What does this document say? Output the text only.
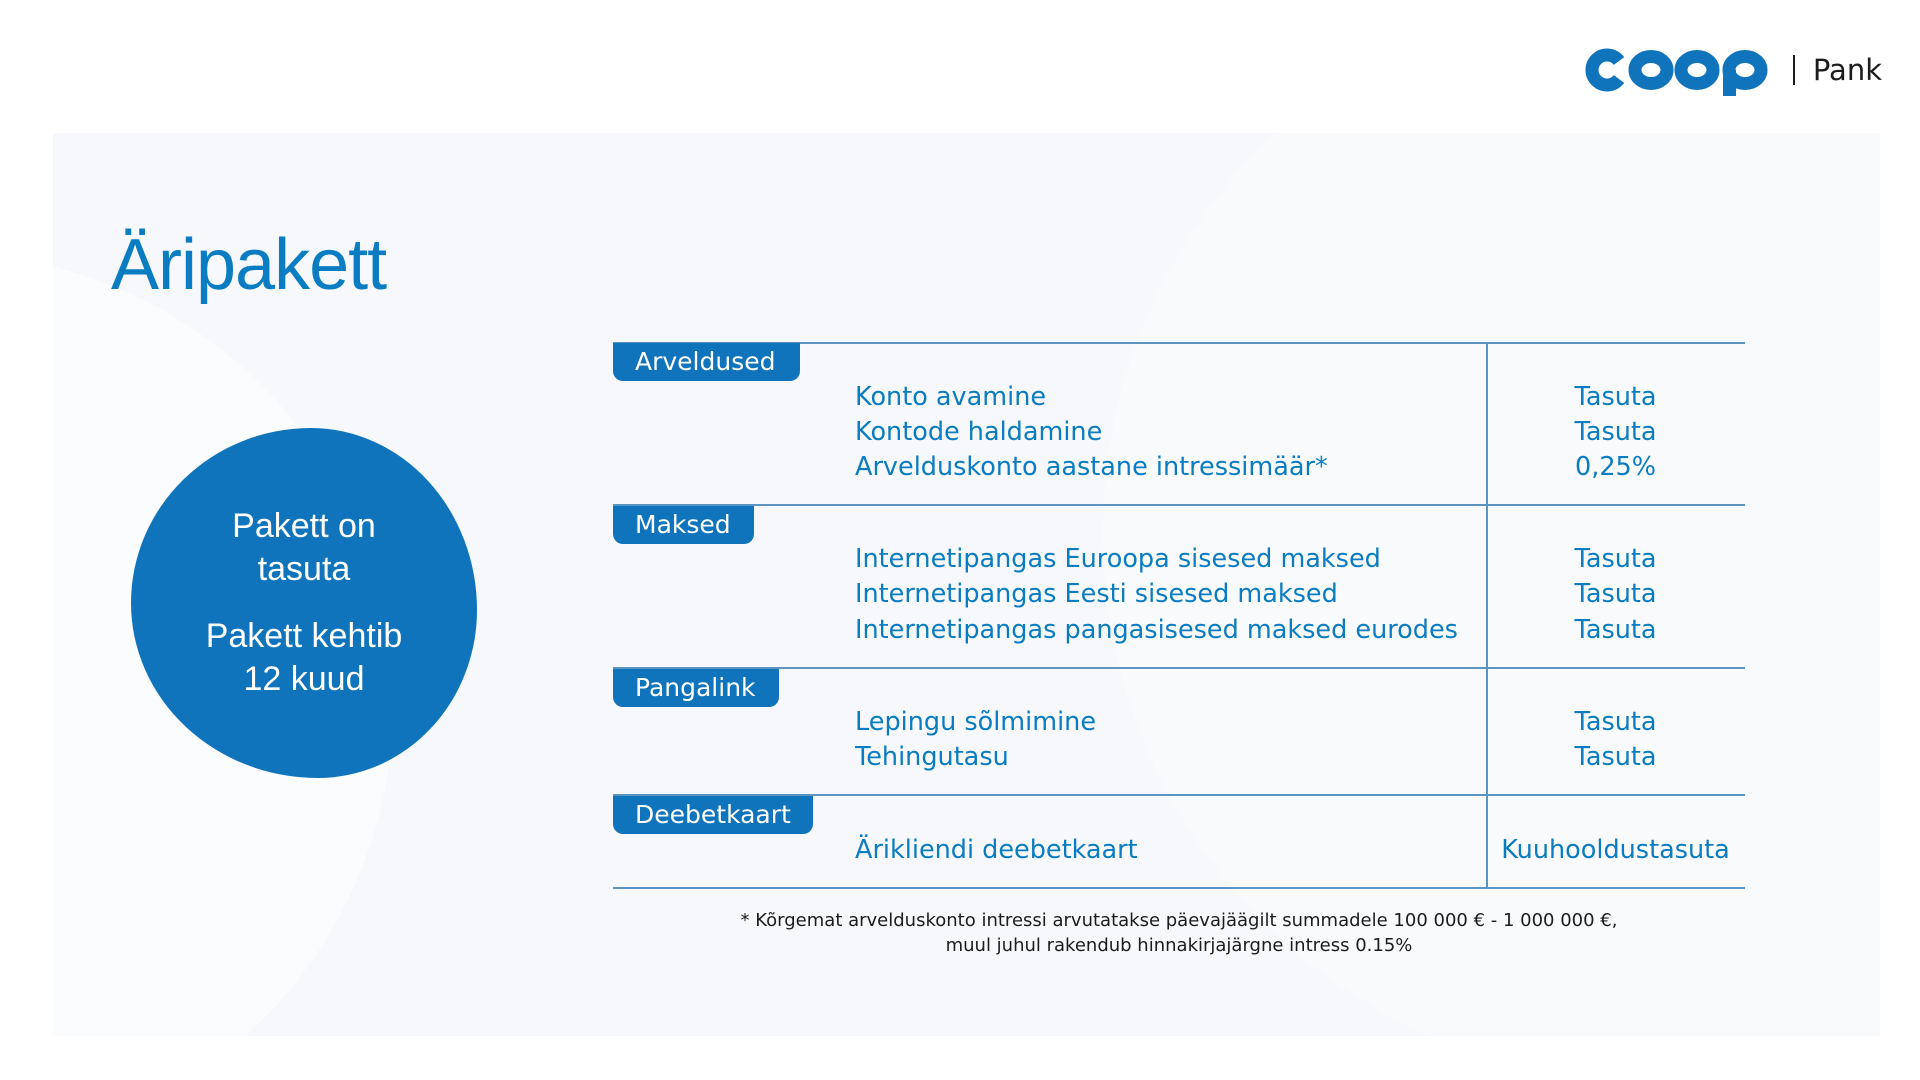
Pank
Äripakett

Pakett on

tasuta

Pakett kehtib

12 kuud

Arveldused
Konto avamine	Tasuta
Kontode haldamine	Tasuta
Arvelduskonto aastane intressimäär*	0,25%
Maksed
Internetipangas Euroopa sisesed maksed	Tasuta
Internetipangas Eesti sisesed maksed	Tasuta
Internetipangas pangasisesed maksed eurodes	Tasuta
Pangalink
Lepingu sõlmimine	Tasuta
Tehingutasu	Tasuta
Deebetkaart
Ärikliendi deebetkaart	Kuuhooldustasuta
* Kõrgemat arvelduskonto intressi arvutatakse päevajäägilt summadele 100 000 € - 1 000 000 €,
muul juhul rakendub hinnakirjajärgne intress 0.15%
